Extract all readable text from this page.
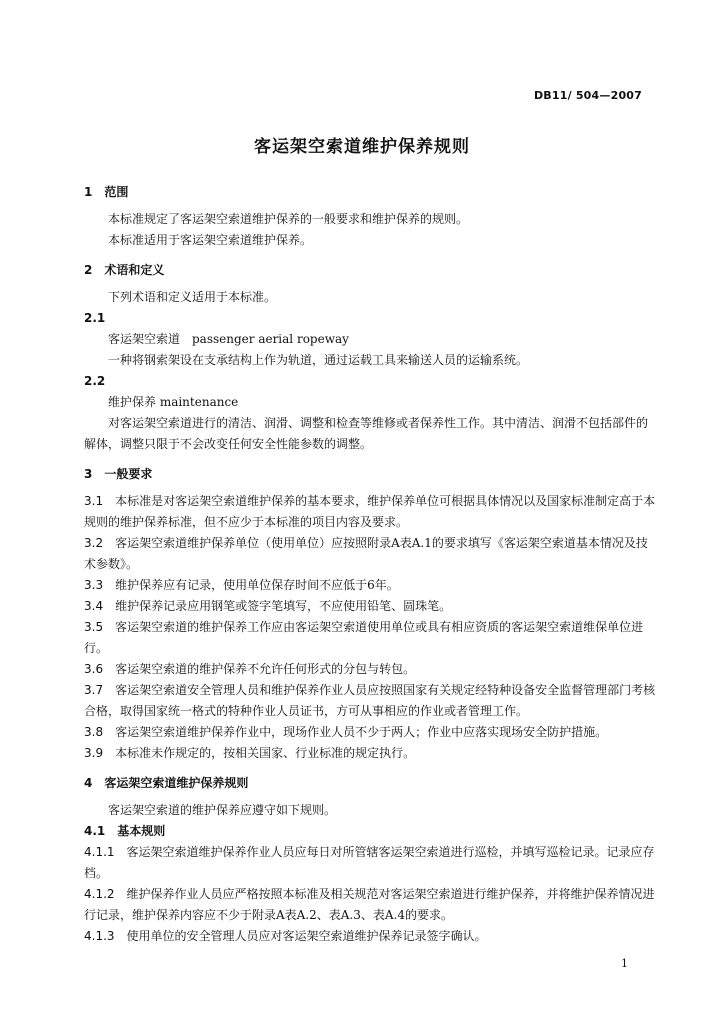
DB11/ 504—2007
客运架空索道维护保养规则

1 范围

本标准规定了客运架空索道维护保养的一般要求和维护保养的规则。

本标准适用于客运架空索道维护保养。

2 术语和定义

下列术语和定义适用于本标准。

2.1

客运架空索道　passenger aerial ropeway

一种将钢索架设在支承结构上作为轨道，通过运载工具来输送人员的运输系统。

2.2

维护保养 maintenance

对客运架空索道进行的清洁、润滑、调整和检查等维修或者保养性工作。其中清洁、润滑不包括部件的解体，调整只限于不会改变任何安全性能参数的调整。

3 一般要求

3.1 本标准是对客运架空索道维护保养的基本要求，维护保养单位可根据具体情况以及国家标准制定高于本规则的维护保养标准，但不应少于本标准的项目内容及要求。

3.2 客运架空索道维护保养单位（使用单位）应按照附录A表A.1的要求填写《客运架空索道基本情况及技术参数》。

3.3 维护保养应有记录，使用单位保存时间不应低于6年。

3.4 维护保养记录应用钢笔或签字笔填写，不应使用铅笔、圆珠笔。

3.5 客运架空索道的维护保养工作应由客运架空索道使用单位或具有相应资质的客运架空索道维保单位进行。

3.6 客运架空索道的维护保养不允许任何形式的分包与转包。

3.7 客运架空索道安全管理人员和维护保养作业人员应按照国家有关规定经特种设备安全监督管理部门考核合格，取得国家统一格式的特种作业人员证书，方可从事相应的作业或者管理工作。

3.8 客运架空索道维护保养作业中，现场作业人员不少于两人；作业中应落实现场安全防护措施。

3.9 本标准未作规定的，按相关国家、行业标准的规定执行。

4 客运架空索道维护保养规则

客运架空索道的维护保养应遵守如下规则。

4.1 基本规则

4.1.1 客运架空索道维护保养作业人员应每日对所管辖客运架空索道进行巡检，并填写巡检记录。记录应存档。

4.1.2 维护保养作业人员应严格按照本标准及相关规范对客运架空索道进行维护保养，并将维护保养情况进行记录，维护保养内容应不少于附录A表A.2、表A.3、表A.4的要求。

4.1.3 使用单位的安全管理人员应对客运架空索道维护保养记录签字确认。

1
